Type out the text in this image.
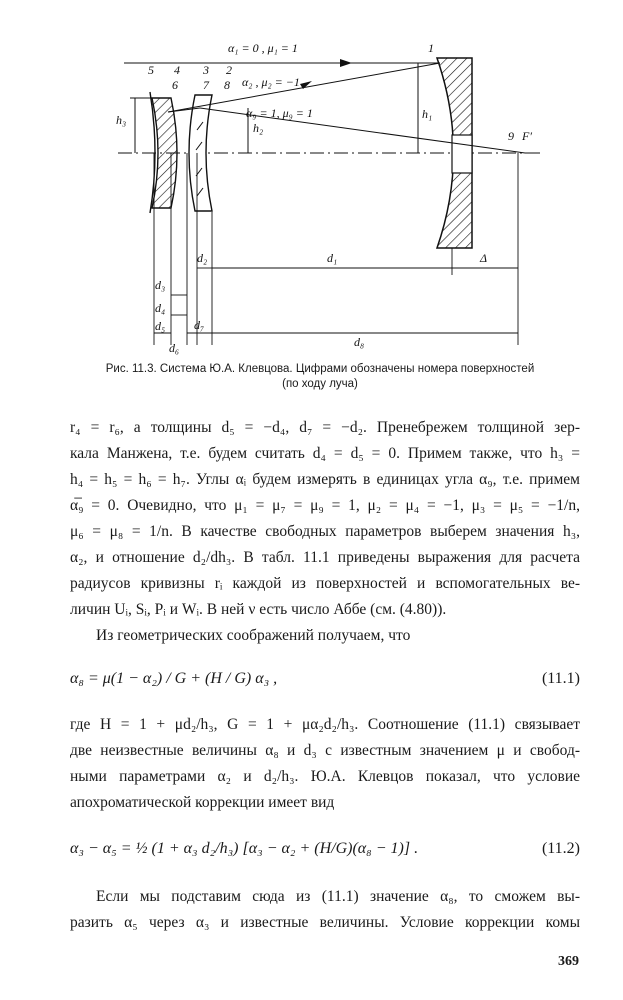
α₁ = 0 , μ₁ = 1
α₂ , μ₂ = −1
α₉ = 1, μ₉ = 1
1
2
3
4
5
6 7 8
9 F′
h₁
h₂
h₃
d₁
d₂
d₃
d₄
d₅
d₆
d₇
d₈
Δ
Рис. 11.3. Система Ю.А. Клевцова. Цифрами обозначены номера поверхностей
(по ходу луча)
r₄ = r₆, а толщины d₅ = −d₄, d₇ = −d₂. Пренебрежем толщиной зер-
кала Манжена, т.е. будем считать d₄ = d₅ = 0. Примем также, что h₃ =
h₄ = h₅ = h₆ = h₇. Углы αᵢ будем измерять в единицах угла α₉, т.е. примем
α̅₉ = 0. Очевидно, что μ₁ = μ₇ = μ₉ = 1, μ₂ = μ₄ = −1, μ₃ = μ₅ = −1/n,
μ₆ = μ₈ = 1/n. В качестве свободных параметров выберем значения h₃,
α₂, и отношение d₂/dh₃. В табл. 11.1 приведены выражения для расчета
радиусов кривизны rᵢ каждой из поверхностей и вспомогательных ве-
личин Uᵢ, Sᵢ, Pᵢ и Wᵢ. В ней ν есть число Аббе (см. (4.80)).
Из геометрических соображений получаем, что
α₈ = μ(1 − α₂) / G + (H / G) α₃ ,	(11.1)
где H = 1 + μd₂/h₃, G = 1 + μα₂d₂/h₃. Соотношение (11.1) связывает
две неизвестные величины α₈ и d₃ с известным значением μ и свобод-
ными параметрами α₂ и d₂/h₃. Ю.А. Клевцов показал, что условие
апохроматической коррекции имеет вид
α₃ − α₅ = ½ (1 + α₃ d₂/h₃) [α₃ − α₂ + (H/G)(α₈ − 1)] .	(11.2)
Если мы подставим сюда из (11.1) значение α₈, то сможем вы-
разить α₅ через α₃ и известные величины. Условие коррекции комы
369
